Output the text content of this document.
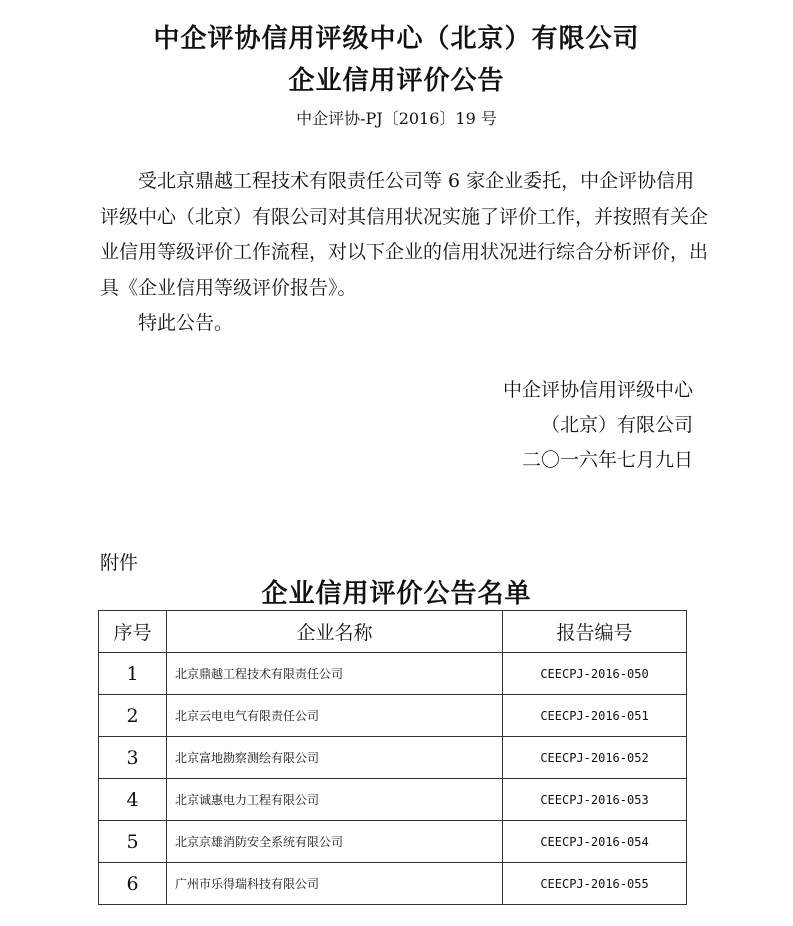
中企评协信用评级中心（北京）有限公司
企业信用评价公告
中企评协-PJ〔2016〕19 号

受北京鼎越工程技术有限责任公司等 6 家企业委托，中企评协信用评级中心（北京）有限公司对其信用状况实施了评价工作，并按照有关企业信用等级评价工作流程，对以下企业的信用状况进行综合分析评价，出具《企业信用等级评价报告》。

特此公告。

中企评协信用评级中心
（北京）有限公司
二〇一六年七月九日
附件
企业信用评价公告名单
序号	企业名称	报告编号
1	北京鼎越工程技术有限责任公司	CEECPJ-2016-050
2	北京云电电气有限责任公司	CEECPJ-2016-051
3	北京富地勘察测绘有限公司	CEECPJ-2016-052
4	北京诚惠电力工程有限公司	CEECPJ-2016-053
5	北京京雄消防安全系统有限公司	CEECPJ-2016-054
6	广州市乐得瑞科技有限公司	CEECPJ-2016-055
